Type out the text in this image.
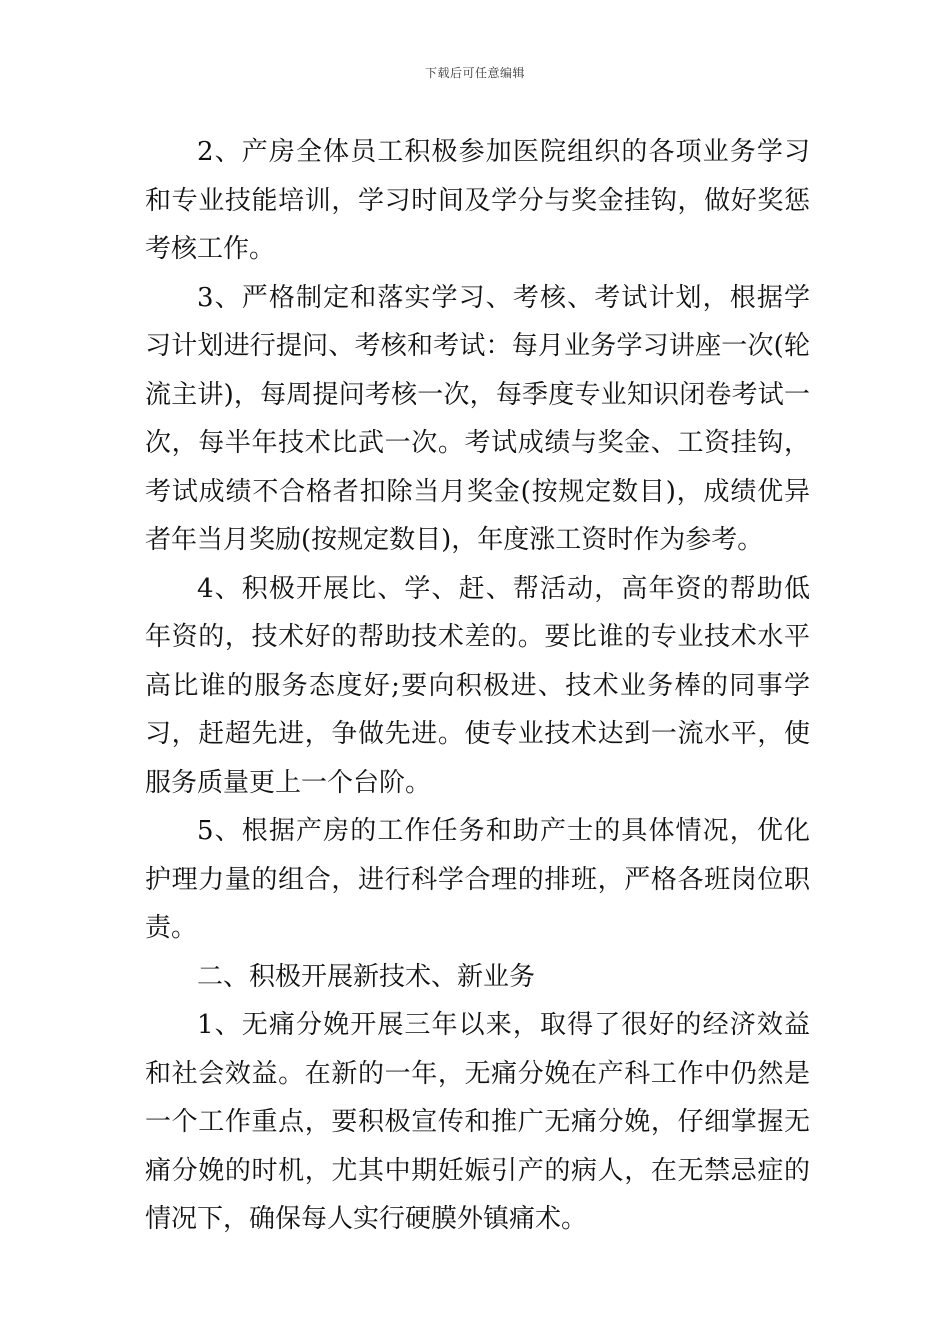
下载后可任意编辑

2、产房全体员工积极参加医院组织的各项业务学习和专业技能培训，学习时间及学分与奖金挂钩，做好奖惩考核工作。

3、严格制定和落实学习、考核、考试计划，根据学习计划进行提问、考核和考试：每月业务学习讲座一次(轮流主讲)，每周提问考核一次，每季度专业知识闭卷考试一次，每半年技术比武一次。考试成绩与奖金、工资挂钩，考试成绩不合格者扣除当月奖金(按规定数目)，成绩优异者年当月奖励(按规定数目)，年度涨工资时作为参考。

4、积极开展比、学、赶、帮活动，高年资的帮助低年资的，技术好的帮助技术差的。要比谁的专业技术水平高比谁的服务态度好;要向积极进、技术业务棒的同事学习，赶超先进，争做先进。使专业技术达到一流水平，使服务质量更上一个台阶。

5、根据产房的工作任务和助产士的具体情况，优化护理力量的组合，进行科学合理的排班，严格各班岗位职责。

二、积极开展新技术、新业务

1、无痛分娩开展三年以来，取得了很好的经济效益和社会效益。在新的一年，无痛分娩在产科工作中仍然是一个工作重点，要积极宣传和推广无痛分娩，仔细掌握无痛分娩的时机，尤其中期妊娠引产的病人，在无禁忌症的情况下，确保每人实行硬膜外镇痛术。
